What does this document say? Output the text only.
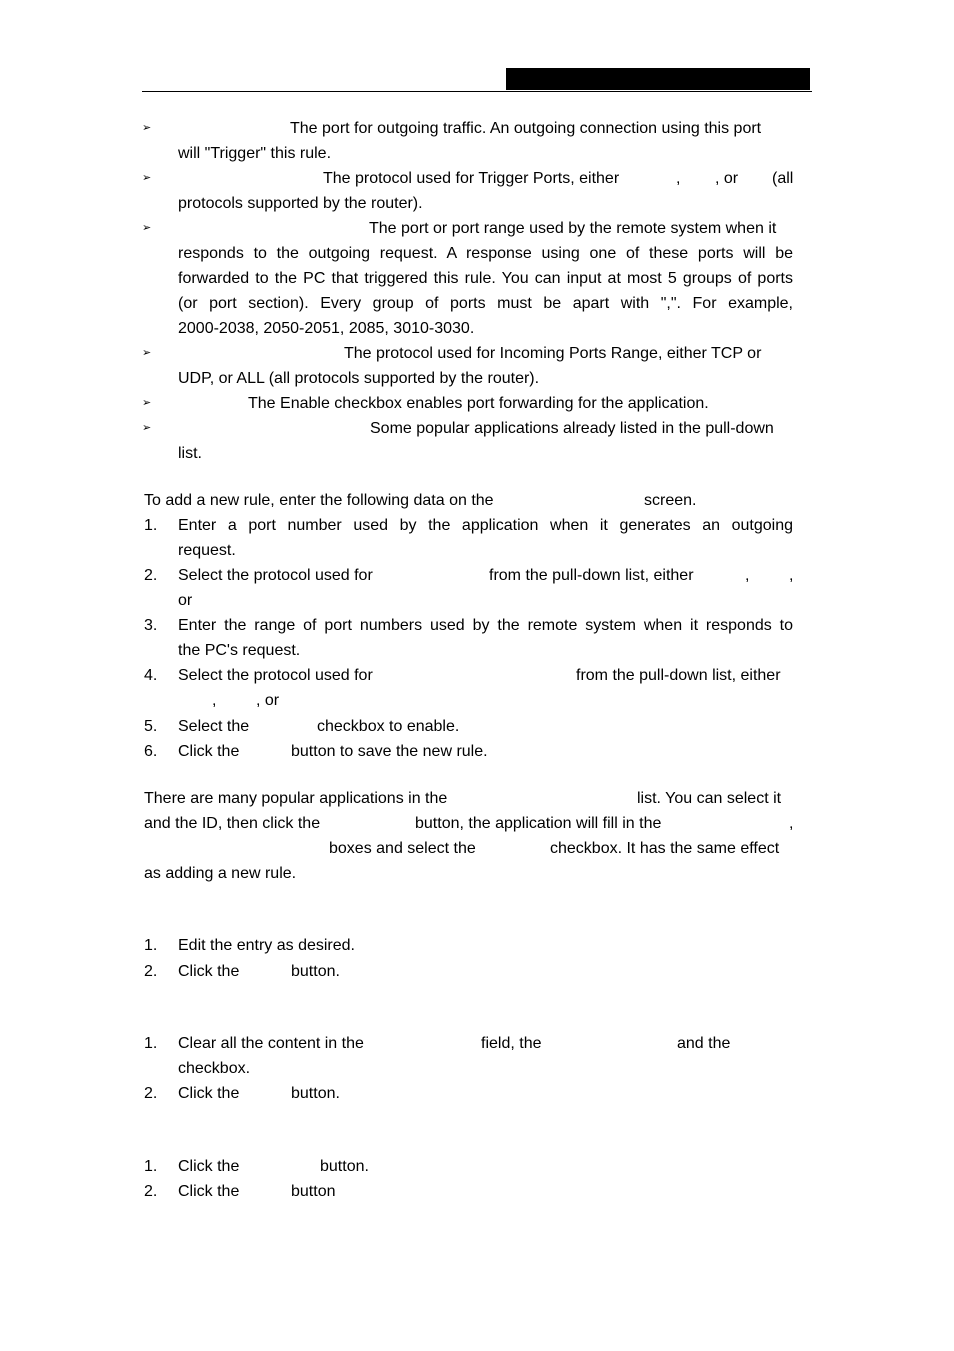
➢	The port for outgoing traffic. An outgoing connection using this port
will "Trigger" this rule.
➢	The protocol used for Trigger Ports, either	, , or (all
protocols supported by the router).
➢	The port or port range used by the remote system when it
responds to the outgoing request. A response using one of these ports will be
forwarded to the PC that triggered this rule. You can input at most 5 groups of ports
(or port section). Every group of ports must be apart with ",". For example,
2000-2038, 2050-2051, 2085, 3010-3030.
➢	The protocol used for Incoming Ports Range, either TCP or
UDP, or ALL (all protocols supported by the router).
➢	The Enable checkbox enables port forwarding for the application.
➢	Some popular applications already listed in the pull-down
list.
To add a new rule, enter the following data on the	screen.
1. Enter a port number used by the application when it generates an outgoing
request.
2. Select the protocol used for	from the pull-down list, either	, ,
or
3. Enter the range of port numbers used by the remote system when it responds to
the PC's request.
4. Select the protocol used for	from the pull-down list, either
, , or
5. Select the	checkbox to enable.
6. Click the	button to save the new rule.
There are many popular applications in the	list. You can select it
and the ID, then click the	button, the application will fill in the	,
boxes and select the	checkbox. It has the same effect
as adding a new rule.
1. Edit the entry as desired.
2. Click the	button.
1. Clear all the content in the	field, the	and the
checkbox.
2. Click the	button.
1. Click the	button.
2. Click the	button
